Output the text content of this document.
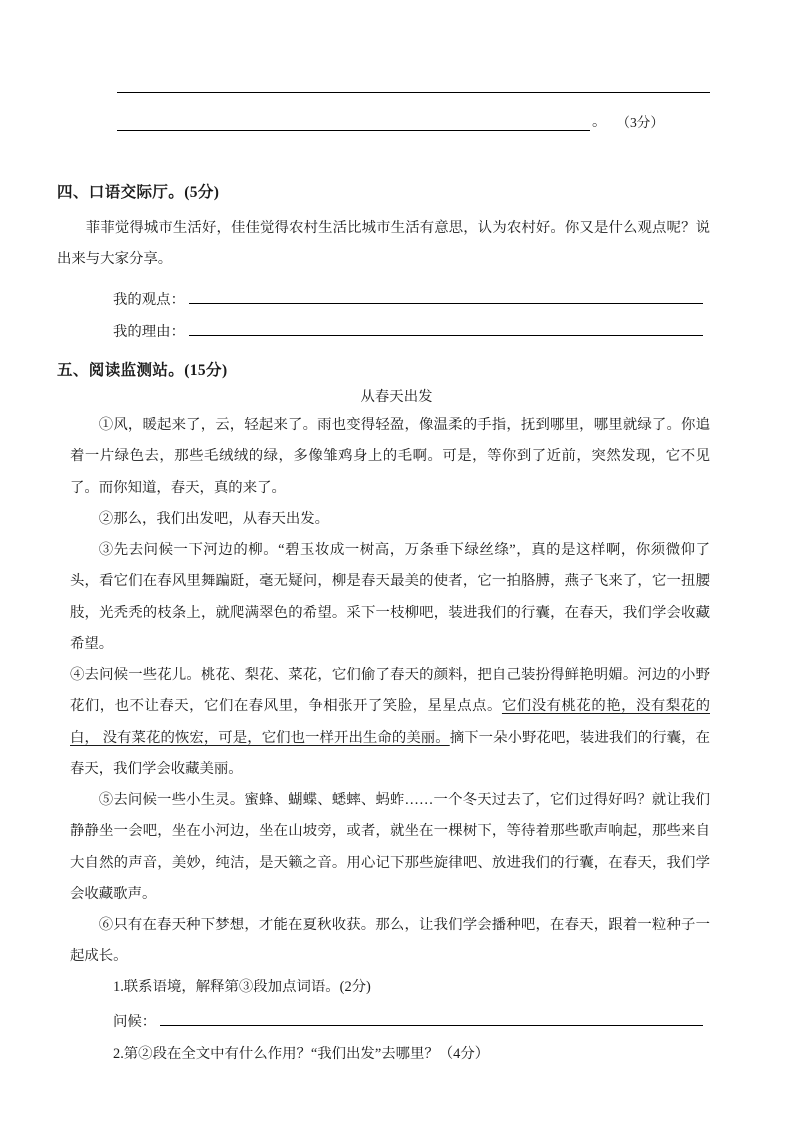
。 （3分）
四、口语交际厅。(5分)
菲菲觉得城市生活好，佳佳觉得农村生活比城市生活有意思，认为农村好。你又是什么观点呢？说出来与大家分享。
我的观点：
我的理由：
五、阅读监测站。(15分)
从春天出发
①风，暖起来了，云，轻起来了。雨也变得轻盈，像温柔的手指，抚到哪里，哪里就绿了。你追着一片绿色去，那些毛绒绒的绿，多像雏鸡身上的毛啊。可是，等你到了近前，突然发现，它不见了。而你知道，春天，真的来了。
②那么，我们出发吧，从春天出发。
③先去问候一下河边的柳。“碧玉妆成一树高，万条垂下绿丝绦”，真的是这样啊，你须微仰了头，看它们在春风里舞蹁跹，毫无疑问，柳是春天最美的使者，它一拍胳膊，燕子飞来了，它一扭腰肢，光秃秃的枝条上，就爬满翠色的希望。采下一枝柳吧，装进我们的行囊，在春天，我们学会收藏希望。
④去问候一些花儿。桃花、梨花、菜花，它们偷了春天的颜料，把自己装扮得鲜艳明媚。河边的小野花们，也不让春天，它们在春风里，争相张开了笑脸，星星点点。它们没有桃花的艳，没有梨花的白， 没有菜花的恢宏，可是，它们也一样开出生命的美丽。摘下一朵小野花吧，装进我们的行囊，在春天，我们学会收藏美丽。
⑤去问候一些小生灵。蜜蜂、蝴蝶、蟋蟀、蚂蚱……一个冬天过去了，它们过得好吗？就让我们静静坐一会吧，坐在小河边，坐在山坡旁，或者，就坐在一棵树下，等待着那些歌声响起，那些来自大自然的声音，美妙，纯洁，是天籁之音。用心记下那些旋律吧、放进我们的行囊，在春天，我们学会收藏歌声。
⑥只有在春天种下梦想，才能在夏秋收获。那么，让我们学会播种吧，在春天，跟着一粒种子一起成长。
1.联系语境，解释第③段加点词语。(2分)
问候：
2.第②段在全文中有什么作用？“我们出发”去哪里？（4分）
